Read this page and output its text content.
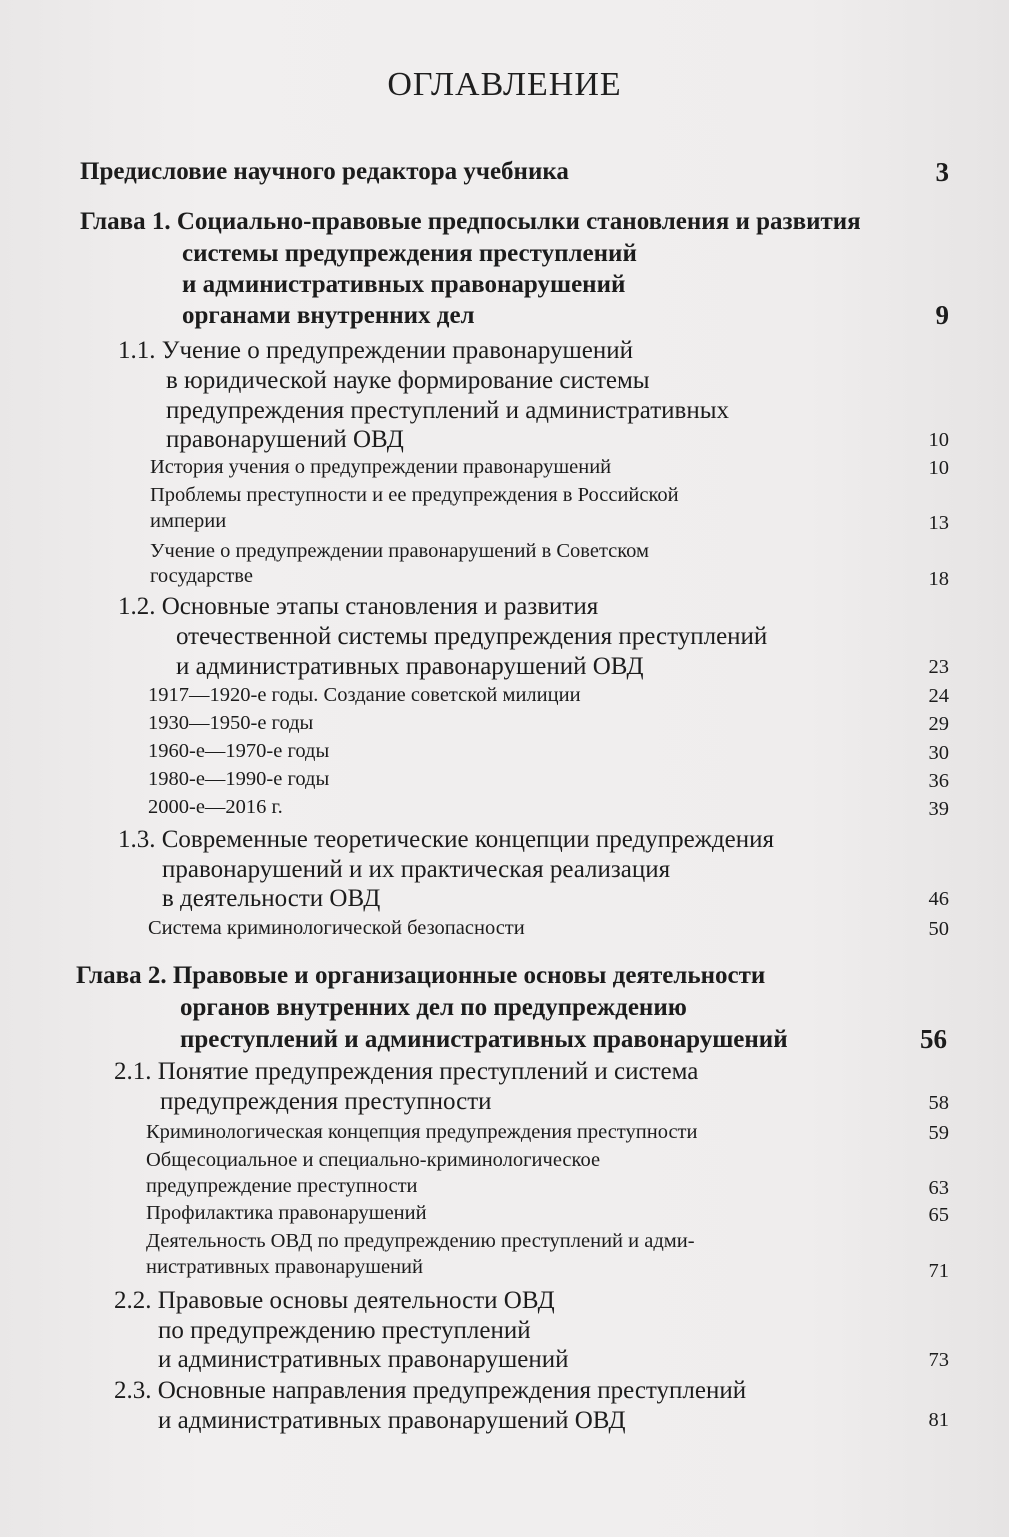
ОГЛАВЛЕНИЕ
Предисловие научного редактора учебника	3
Глава 1. Социально-правовые предпосылки становления и развития
системы предупреждения преступлений
и административных правонарушений
органами внутренних дел	9
1.1. Учение о предупреждении правонарушений
в юридической науке формирование системы
предупреждения преступлений и административных
правонарушений ОВД	10
История учения о предупреждении правонарушений	10
Проблемы преступности и ее предупреждения в Российской
империи	13
Учение о предупреждении правонарушений в Советском
государстве	18
1.2. Основные этапы становления и развития
отечественной системы предупреждения преступлений
и административных правонарушений ОВД	23
1917—1920-е годы. Создание советской милиции	24
1930—1950-е годы	29
1960-е—1970-е годы	30
1980-е—1990-е годы	36
2000-е—2016 г.	39
1.3. Современные теоретические концепции предупреждения
правонарушений и их практическая реализация
в деятельности ОВД	46
Система криминологической безопасности	50
Глава 2. Правовые и организационные основы деятельности
органов внутренних дел по предупреждению
преступлений и административных правонарушений	56
2.1. Понятие предупреждения преступлений и система
предупреждения преступности	58
Криминологическая концепция предупреждения преступности	59
Общесоциальное и специально-криминологическое
предупреждение преступности	63
Профилактика правонарушений	65
Деятельность ОВД по предупреждению преступлений и адми-
нистративных правонарушений	71
2.2. Правовые основы деятельности ОВД
по предупреждению преступлений
и административных правонарушений	73
2.3. Основные направления предупреждения преступлений
и административных правонарушений ОВД	81
